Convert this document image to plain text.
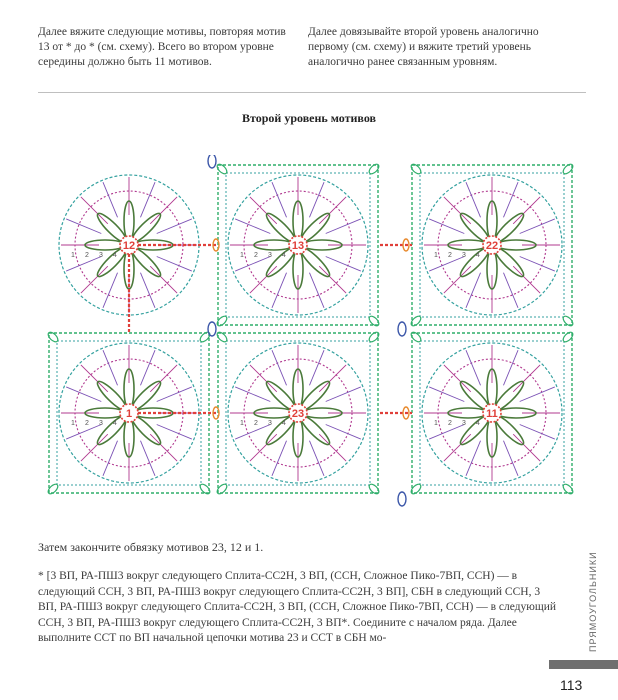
Далее вяжите следующие мотивы, повторяя мотив 13 от * до * (см. схему). Всего во втором уровне середины должно быть 11 мотивов.
Далее довязывайте второй уровень аналогично первому (см. схему) и вяжите третий уровень аналогично ранее связанным уровням.
Второй уровень мотивов
12
1 2 3 4
13
1 2 3 4
22
1 2 3 4
1
1 2 3 4
23
1 2 3 4
11
1 2 3 4
Затем закончите обвязку мотивов 23, 12 и 1.
* [3 ВП, РА-ПШ3 вокруг следующего Сплита-СС2Н, 3 ВП, (ССН, Сложное Пико-7ВП, ССН) — в следующий ССН, 3 ВП, РА-ПШ3 вокруг следующего Сплита-СС2Н, 3 ВП], СБН в следующий ССН, 3 ВП, РА-ПШ3 вокруг следующего Сплита-СС2Н, 3 ВП, (ССН, Сложное Пико-7ВП, ССН) — в следующий ССН, 3 ВП, РА-ПШ3 вокруг следующего Сплита-СС2Н, 3 ВП*. Соедините с началом ряда. Далее выполните ССТ по ВП начальной цепочки мотива 23 и ССТ в СБН мо-	ПРЯМОУГОЛЬНИКИ
113
